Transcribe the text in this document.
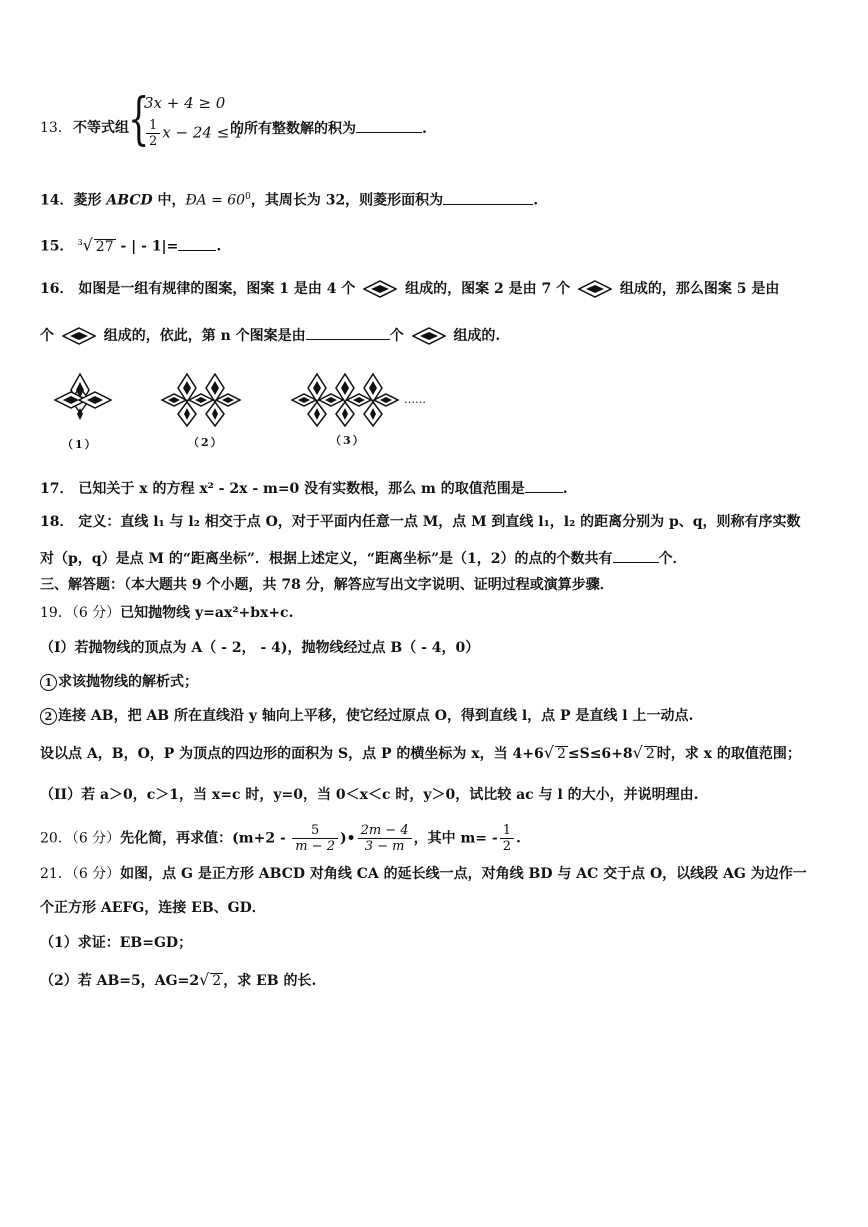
13． 不等式组 {
3x + 4 ≥ 0
$\frac{1}{2}$ x − 24 ≤ 1
的所有整数解的积为	.
14．菱形 ABCD 中，ÐA = $60^0$，其周长为 32，则菱形面积为	.
15． $^3$√ 27 - | - 1|=	.
16． 如图是一组有规律的图案，图案 1 是由 4 个	组成的，图案 2 是由 7 个	组成的，那么图案 5 是由
个	组成的，依此，第 n 个图案是由	个	组成的.
……
（1）	（2）	（3）
17． 已知关于 x 的方程 x² - 2x - m=0 没有实数根，那么 m 的取值范围是	.
18． 定义：直线 l₁ 与 l₂ 相交于点 O，对于平面内任意一点 M，点 M 到直线 l₁，l₂ 的距离分别为 p、q，则称有序实数
对（p，q）是点 M 的“距离坐标”．根据上述定义，“距离坐标”是（1，2）的点的个数共有	个．
三、解答题：（本大题共 9 个小题，共 78 分，解答应写出文字说明、证明过程或演算步骤．
19．（6 分）已知抛物线 y=ax²+bx+c.
（I）若抛物线的顶点为 A（ - 2， - 4)，抛物线经过点 B（ - 4，0）
1 求该抛物线的解析式；
2 连接 AB，把 AB 所在直线沿 y 轴向上平移，使它经过原点 O，得到直线 l，点 P 是直线 l 上一动点.
设以点 A，B，O，P 为顶点的四边形的面积为 S，点 P 的横坐标为 x，当 4+6√ 2 ≤S≤6+8√ 2 时，求 x 的取值范围；
（II）若 a＞0，c＞1，当 x=c 时，y=0，当 0＜x＜c 时，y＞0，试比较 ac 与 l 的大小，并说明理由.
20．（6 分）先化简，再求值：($m+2 - \frac{5}{m - 2}$ )• $\frac{2m - 4}{3 - m}$ ，其中 $m= - \frac{1}{2}$ .
21．（6 分）如图，点 G 是正方形 ABCD 对角线 CA 的延长线一点，对角线 BD 与 AC 交于点 O，以线段 AG 为边作一
个正方形 AEFG，连接 EB、GD．
（1）求证：EB=GD；
（2）若 AB=5，AG=2√ 2 ，求 EB 的长.
